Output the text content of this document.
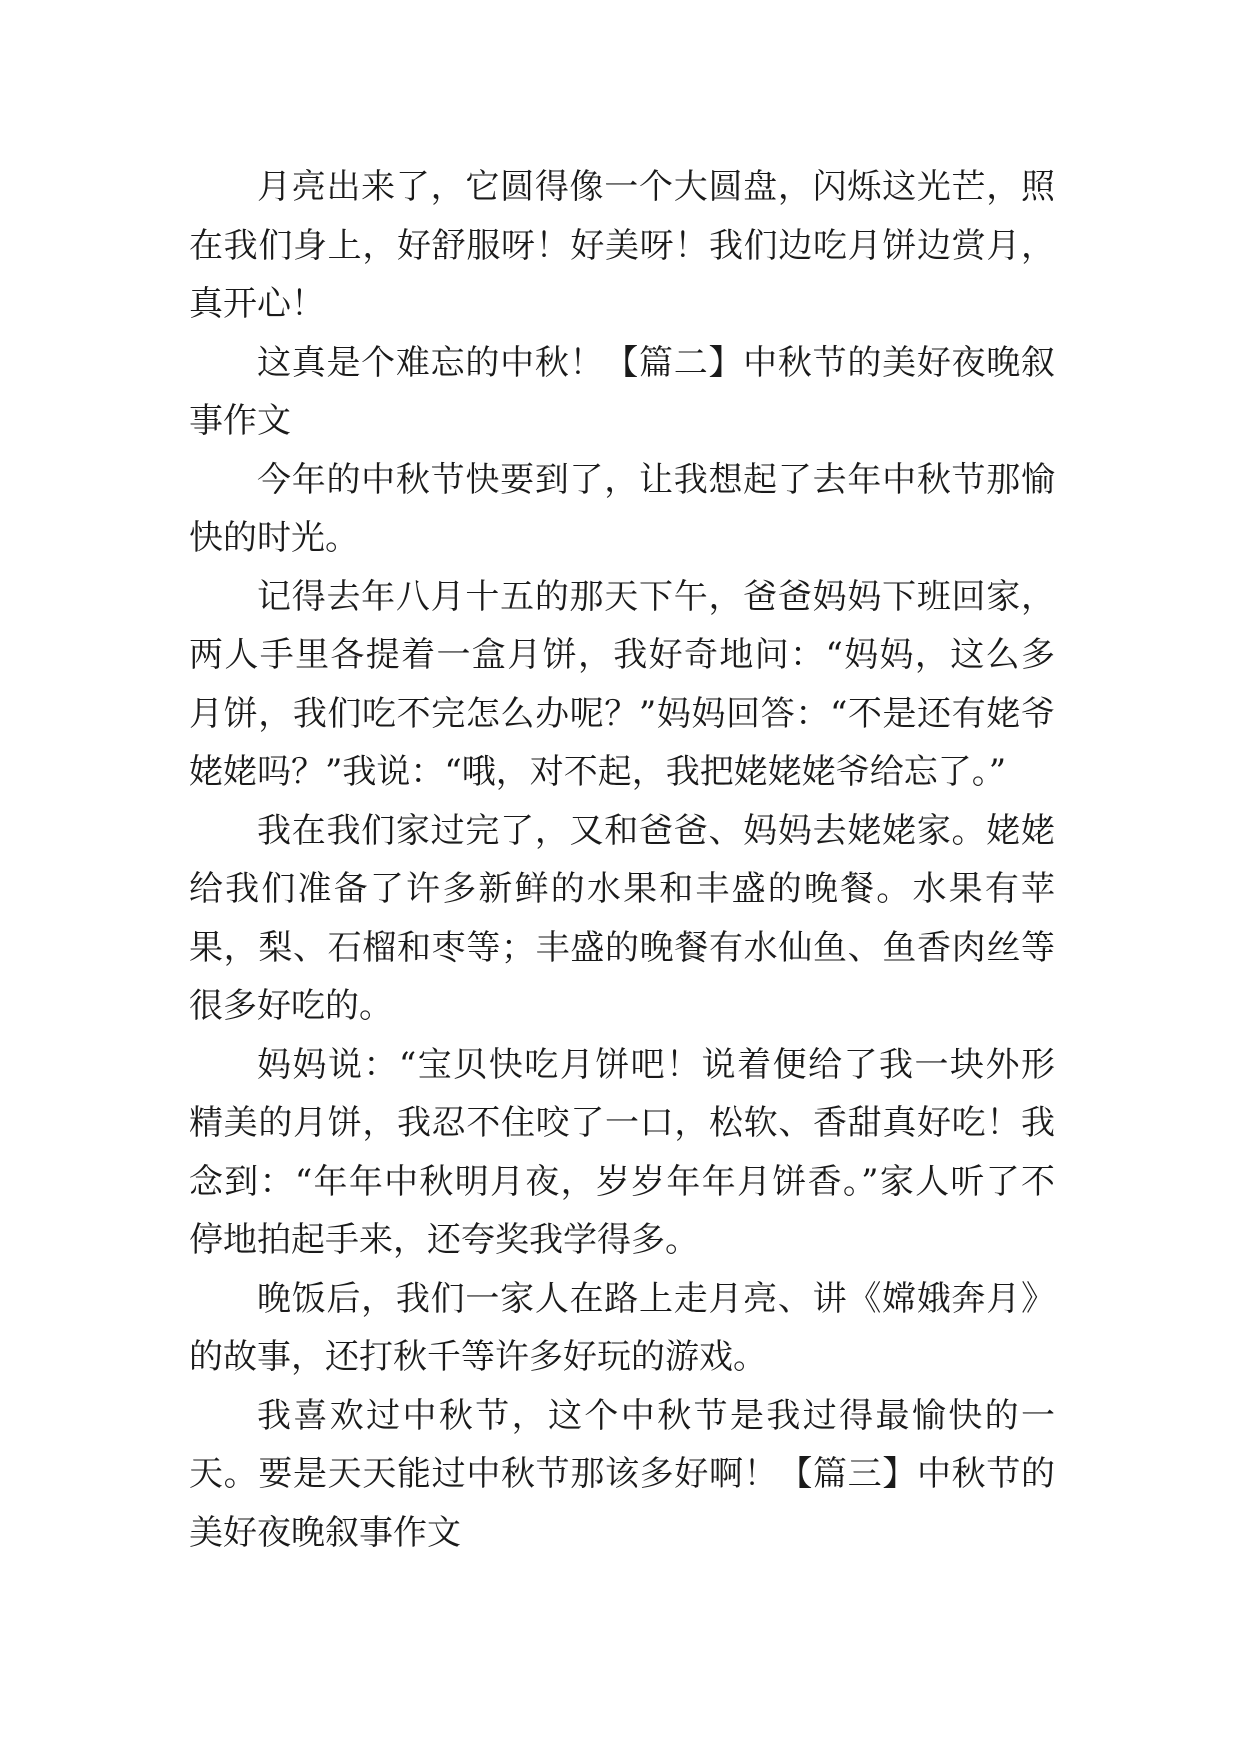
月亮出来了，它圆得像一个大圆盘，闪烁这光芒，照在我们身上，好舒服呀！好美呀！我们边吃月饼边赏月，真开心！

这真是个难忘的中秋！【篇二】中秋节的美好夜晚叙事作文

今年的中秋节快要到了，让我想起了去年中秋节那愉快的时光。

记得去年八月十五的那天下午，爸爸妈妈下班回家，两人手里各提着一盒月饼，我好奇地问：“妈妈，这么多月饼，我们吃不完怎么办呢？”妈妈回答：“不是还有姥爷姥姥吗？”我说：“哦，对不起，我把姥姥姥爷给忘了。”

我在我们家过完了，又和爸爸、妈妈去姥姥家。姥姥给我们准备了许多新鲜的水果和丰盛的晚餐。水果有苹果，梨、石榴和枣等；丰盛的晚餐有水仙鱼、鱼香肉丝等很多好吃的。

妈妈说：“宝贝快吃月饼吧！说着便给了我一块外形精美的月饼，我忍不住咬了一口，松软、香甜真好吃！我念到：“年年中秋明月夜，岁岁年年月饼香。”家人听了不停地拍起手来，还夸奖我学得多。

晚饭后，我们一家人在路上走月亮、讲《嫦娥奔月》的故事，还打秋千等许多好玩的游戏。

我喜欢过中秋节，这个中秋节是我过得最愉快的一天。要是天天能过中秋节那该多好啊！【篇三】中秋节的美好夜晚叙事作文
